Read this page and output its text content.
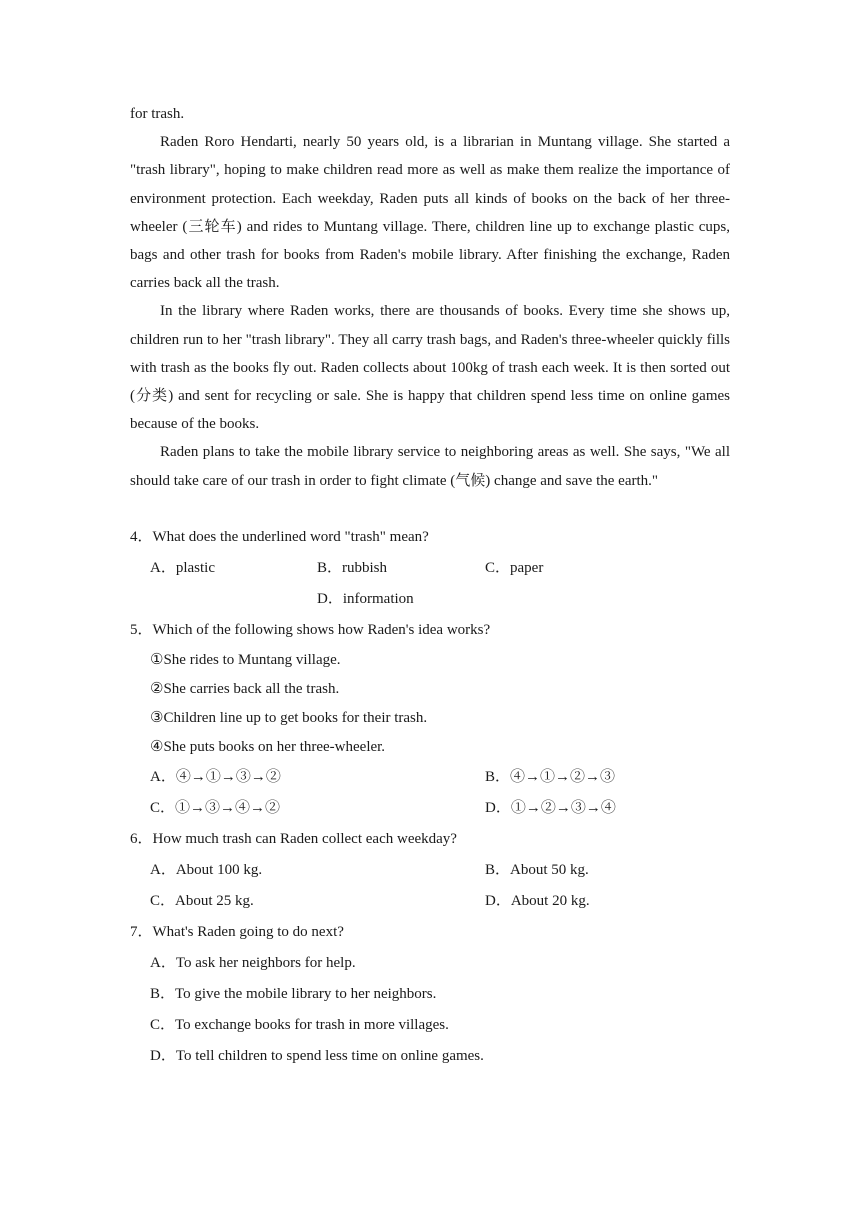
for trash.

Raden Roro Hendarti, nearly 50 years old, is a librarian in Muntang village. She started a "trash library", hoping to make children read more as well as make them realize the importance of environment protection. Each weekday, Raden puts all kinds of books on the back of her three-wheeler (三轮车) and rides to Muntang village. There, children line up to exchange plastic cups, bags and other trash for books from Raden's mobile library. After finishing the exchange, Raden carries back all the trash.

In the library where Raden works, there are thousands of books. Every time she shows up, children run to her "trash library". They all carry trash bags, and Raden's three-wheeler quickly fills with trash as the books fly out. Raden collects about 100kg of trash each week. It is then sorted out (分类) and sent for recycling or sale. She is happy that children spend less time on online games because of the books.

Raden plans to take the mobile library service to neighboring areas as well. She says, "We all should take care of our trash in order to fight climate (气候) change and save the earth."

4．What does the underlined word "trash" mean?
A．plastic	B．rubbish	C．paper
D．information
5．Which of the following shows how Raden's idea works?
①She rides to Muntang village.
②She carries back all the trash.
③Children line up to get books for their trash.
④She puts books on her three-wheeler.
A．④→①→③→②	B．④→①→②→③
C．①→③→④→②	D．①→②→③→④
6．How much trash can Raden collect each weekday?
A．About 100 kg.	B．About 50 kg.
C．About 25 kg.	D．About 20 kg.
7．What's Raden going to do next?
A．To ask her neighbors for help.
B．To give the mobile library to her neighbors.
C．To exchange books for trash in more villages.
D．To tell children to spend less time on online games.
